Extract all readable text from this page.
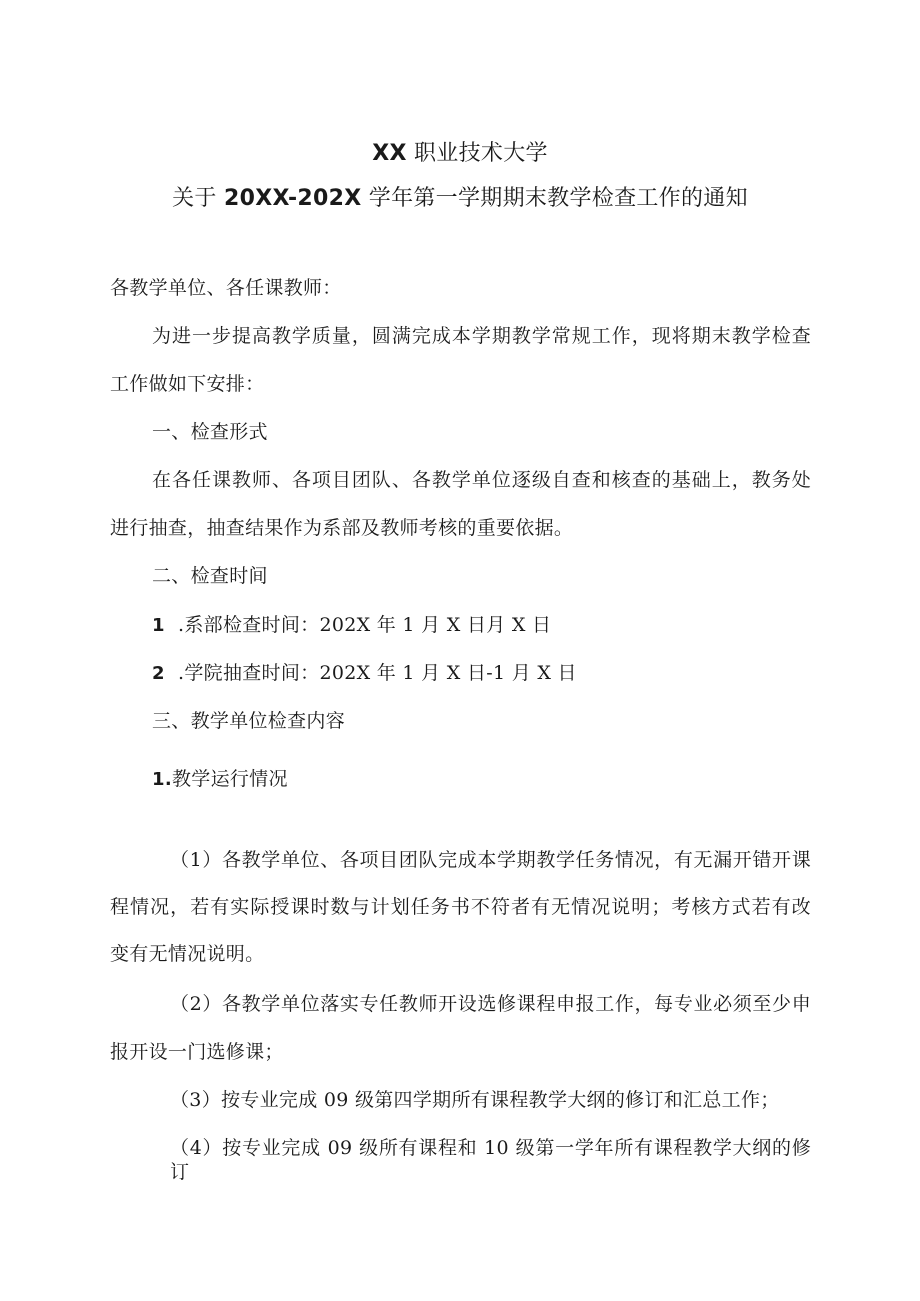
XX 职业技术大学
关于 20XX-202X 学年第一学期期末教学检查工作的通知
各教学单位、各任课教师：
为进一步提高教学质量，圆满完成本学期教学常规工作，现将期末教学检查
工作做如下安排：
一、检查形式
在各任课教师、各项目团队、各教学单位逐级自查和核查的基础上，教务处
进行抽查，抽查结果作为系部及教师考核的重要依据。
二、检查时间
1 .系部检查时间：202X 年 1 月 X 日月 X 日
2 .学院抽查时间：202X 年 1 月 X 日-1 月 X 日
三、教学单位检查内容
1.教学运行情况
（1）各教学单位、各项目团队完成本学期教学任务情况，有无漏开错开课
程情况，若有实际授课时数与计划任务书不符者有无情况说明；考核方式若有改
变有无情况说明。
（2）各教学单位落实专任教师开设选修课程申报工作，每专业必须至少申
报开设一门选修课；
（3）按专业完成 09 级第四学期所有课程教学大纲的修订和汇总工作；
（4）按专业完成 09 级所有课程和 10 级第一学年所有课程教学大纲的修订
